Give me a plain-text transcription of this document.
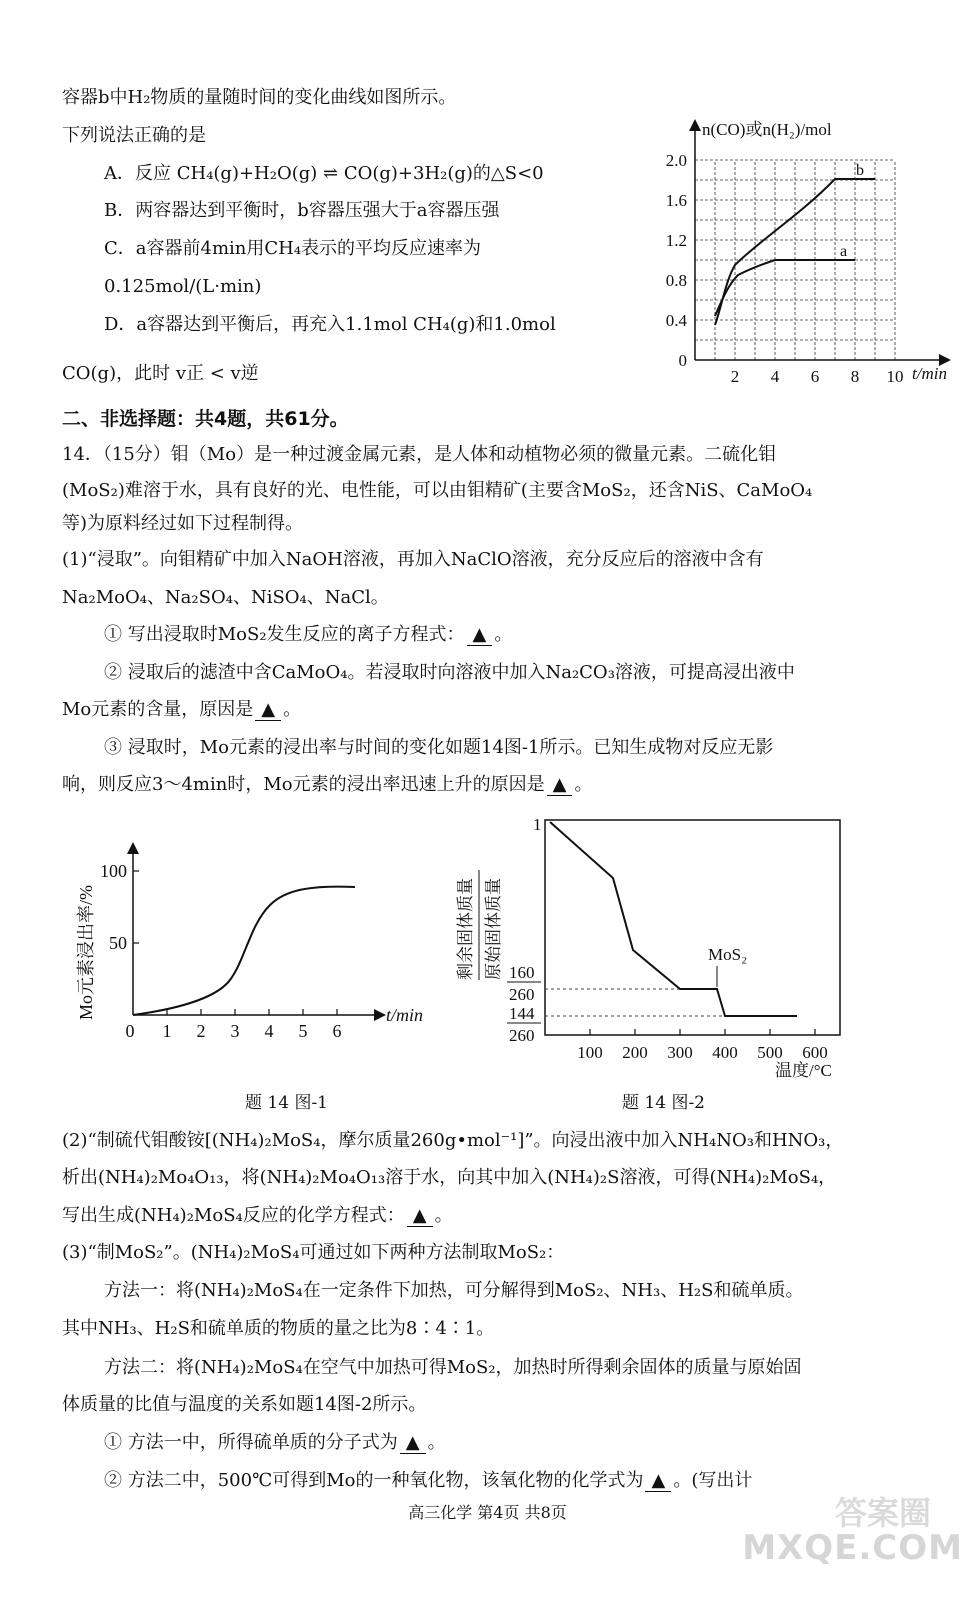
容器b中H₂物质的量随时间的变化曲线如图所示。
下列说法正确的是
A．反应 CH₄(g)+H₂O(g) ⇌ CO(g)+3H₂(g)的△S<0
B．两容器达到平衡时，b容器压强大于a容器压强
C．a容器前4min用CH₄表示的平均反应速率为
0.125mol/(L·min)
D．a容器达到平衡后，再充入1.1mol CH₄(g)和1.0mol
CO(g)，此时 v正 < v逆
n(CO)或n(H₂)/mol
t/min
0
0.4
0.8
1.2
1.6
2.0
2 4 6 8 10
b
a
二、非选择题：共4题，共61分。
14．（15分）钼（Mo）是一种过渡金属元素，是人体和动植物必须的微量元素。二硫化钼
(MoS₂)难溶于水，具有良好的光、电性能，可以由钼精矿(主要含MoS₂，还含NiS、CaMoO₄
等)为原料经过如下过程制得。
(1)“浸取”。向钼精矿中加入NaOH溶液，再加入NaClO溶液，充分反应后的溶液中含有
Na₂MoO₄、Na₂SO₄、NiSO₄、NaCl。
① 写出浸取时MoS₂发生反应的离子方程式： ▲ 。
② 浸取后的滤渣中含CaMoO₄。若浸取时向溶液中加入Na₂CO₃溶液，可提高浸出液中
Mo元素的含量，原因是 ▲ 。
③ 浸取时，Mo元素的浸出率与时间的变化如题14图-1所示。已知生成物对反应无影
响，则反应3～4min时，Mo元素的浸出率迅速上升的原因是 ▲ 。
Mo元素浸出率/%	t/min
50
100
0 1 2 3 4 5 6
题 14 图-1
1
剩余固体质量 原始固体质量 160
260
144
260
MoS₂
100 200 300 400 500 600
温度/°C
题 14 图-2
(2)“制硫代钼酸铵[(NH₄)₂MoS₄，摩尔质量260g•mol⁻¹]”。向浸出液中加入NH₄NO₃和HNO₃，
析出(NH₄)₂Mo₄O₁₃，将(NH₄)₂Mo₄O₁₃溶于水，向其中加入(NH₄)₂S溶液，可得(NH₄)₂MoS₄，
写出生成(NH₄)₂MoS₄反应的化学方程式： ▲ 。
(3)“制MoS₂”。(NH₄)₂MoS₄可通过如下两种方法制取MoS₂：
方法一：将(NH₄)₂MoS₄在一定条件下加热，可分解得到MoS₂、NH₃、H₂S和硫单质。
其中NH₃、H₂S和硫单质的物质的量之比为8∶4∶1。
方法二：将(NH₄)₂MoS₄在空气中加热可得MoS₂，加热时所得剩余固体的质量与原始固
体质量的比值与温度的关系如题14图-2所示。
① 方法一中，所得硫单质的分子式为 ▲ 。
② 方法二中，500℃可得到Mo的一种氧化物，该氧化物的化学式为 ▲ 。(写出计
高三化学 第4页 共8页	答案圈
MXQE.COM
